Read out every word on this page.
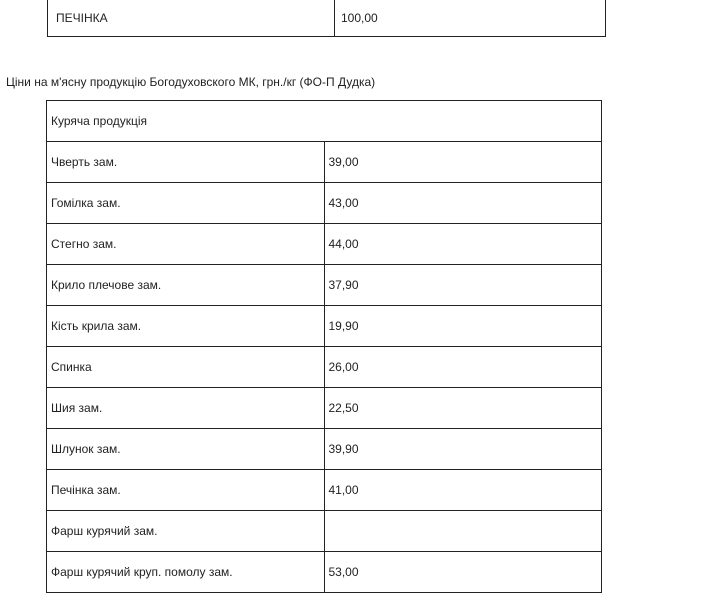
ПЕЧІНКА	100,00
Ціни на м'ясну продукцію Богодуховского МК, грн./кг (ФО-П Дудка)
Куряча продукція	
Чверть зам.	39,00
Гомілка зам.	43,00
Стегно зам.	44,00
Крило плечове зам.	37,90
Кість крила зам.	19,90
Спинка	26,00
Шия зам.	22,50
Шлунок зам.	39,90
Печінка зам.	41,00
Фарш курячий зам.	
Фарш курячий круп. помолу зам.	53,00
